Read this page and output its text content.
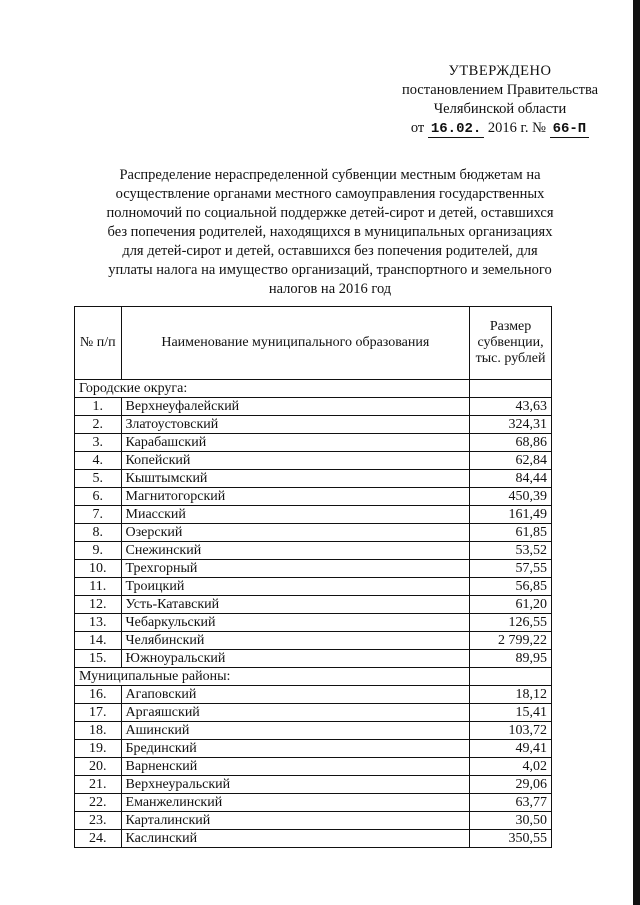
УТВЕРЖДЕНО
постановлением Правительства
Челябинской области
от 16.02. 2016 г. № 66-П
Распределение нераспределенной субвенции местным бюджетам на осуществление органами местного самоуправления государственных полномочий по социальной поддержке детей-сирот и детей, оставшихся без попечения родителей, находящихся в муниципальных организациях для детей-сирот и детей, оставшихся без попечения родителей, для уплаты налога на имущество организаций, транспортного и земельного налогов на 2016 год
№ п/п	Наименование муниципального образования	Размер субвенции, тыс. рублей
Городские округа:		
1.	Верхнеуфалейский	43,63
2.	Златоустовский	324,31
3.	Карабашский	68,86
4.	Копейский	62,84
5.	Кыштымский	84,44
6.	Магнитогорский	450,39
7.	Миасский	161,49
8.	Озерский	61,85
9.	Снежинский	53,52
10.	Трехгорный	57,55
11.	Троицкий	56,85
12.	Усть-Катавский	61,20
13.	Чебаркульский	126,55
14.	Челябинский	2 799,22
15.	Южноуральский	89,95
Муниципальные районы:		
16.	Агаповский	18,12
17.	Аргаяшский	15,41
18.	Ашинский	103,72
19.	Брединский	49,41
20.	Варненский	4,02
21.	Верхнеуральский	29,06
22.	Еманжелинский	63,77
23.	Карталинский	30,50
24.	Каслинский	350,55
